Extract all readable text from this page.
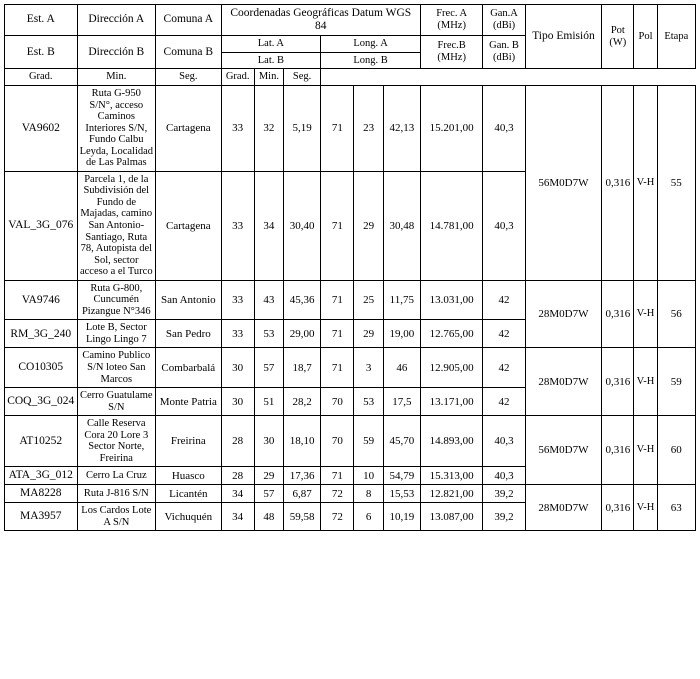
Est. A	Dirección A	Comuna A	Coordenadas Geográficas Datum WGS 84						Frec. A (MHz)	Gan.A (dBi)	Tipo Emisión	Pot (W)	Pol	Etapa
Est. B	Dirección B	Comuna B	Lat. A			Long. A			Frec.B (MHz)	Gan. B (dBi)				
			Lat. B			Long. B								
Grad.	Min.	Seg.	Grad.	Min.	Seg.									
VA9602	Ruta G-950 S/N°, acceso Caminos Interiores S/N, Fundo Calbu Leyda, Localidad de Las Palmas	Cartagena	33	32	5,19	71	23	42,13	15.201,00	40,3	56M0D7W	0,316	V-H	55
VAL_3G_076	Parcela 1, de la Subdivisión del Fundo de Majadas, camino San Antonio-Santiago, Ruta 78, Autopista del Sol, sector acceso a el Turco	Cartagena	33	34	30,40	71	29	30,48	14.781,00	40,3				
VA9746	Ruta G-800, Cuncumén Pizangue N°346	San Antonio	33	43	45,36	71	25	11,75	13.031,00	42	28M0D7W	0,316	V-H	56
RM_3G_240	Lote B, Sector Lingo Lingo 7	San Pedro	33	53	29,00	71	29	19,00	12.765,00	42				
CO10305	Camino Publico S/N loteo San Marcos	Combarbalá	30	57	18,7	71	3	46	12.905,00	42	28M0D7W	0,316	V-H	59
COQ_3G_024	Cerro Guatulame S/N	Monte Patria	30	51	28,2	70	53	17,5	13.171,00	42				
AT10252	Calle Reserva Cora 20 Lore 3 Sector Norte, Freirina	Freirina	28	30	18,10	70	59	45,70	14.893,00	40,3	56M0D7W	0,316	V-H	60
ATA_3G_012	Cerro La Cruz	Huasco	28	29	17,36	71	10	54,79	15.313,00	40,3				
MA8228	Ruta J-816 S/N	Licantén	34	57	6,87	72	8	15,53	12.821,00	39,2	28M0D7W	0,316	V-H	63
MA3957	Los Cardos Lote A S/N	Vichuquén	34	48	59,58	72	6	10,19	13.087,00	39,2				
